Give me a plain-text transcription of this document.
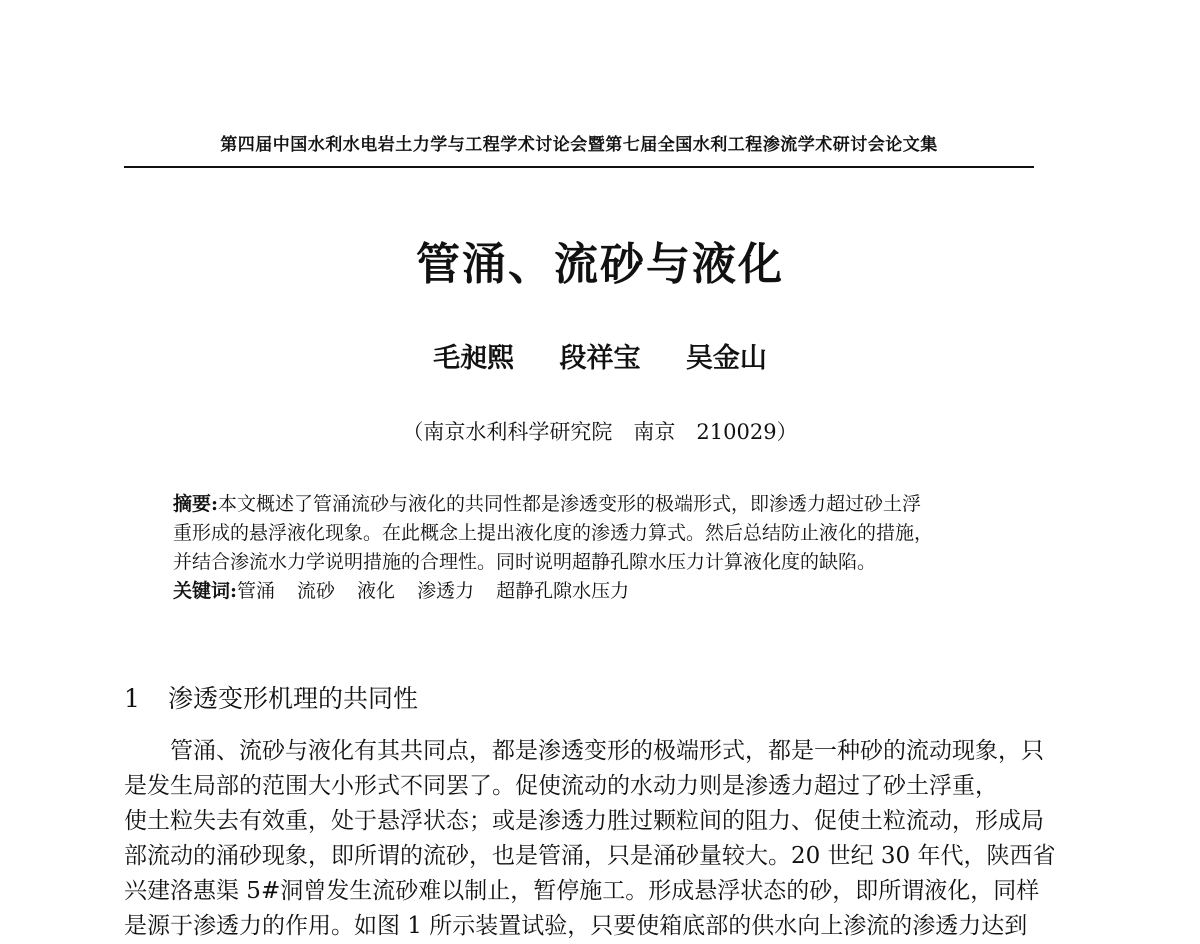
第四届中国水利水电岩土力学与工程学术讨论会暨第七届全国水利工程渗流学术研讨会论文集
管涌、流砂与液化
毛昶熙 段祥宝 吴金山
（南京水利科学研究院　南京　210029）

摘要:本文概述了管涌流砂与液化的共同性都是渗透变形的极端形式，即渗透力超过砂土浮

重形成的悬浮液化现象。在此概念上提出液化度的渗透力算式。然后总结防止液化的措施，

并结合渗流水力学说明措施的合理性。同时说明超静孔隙水压力计算液化度的缺陷。

关键词:管涌 流砂 液化 渗透力 超静孔隙水压力

1 渗透变形机理的共同性

管涌、流砂与液化有其共同点，都是渗透变形的极端形式，都是一种砂的流动现象，只

是发生局部的范围大小形式不同罢了。促使流动的水动力则是渗透力超过了砂土浮重，

使土粒失去有效重，处于悬浮状态；或是渗透力胜过颗粒间的阻力、促使土粒流动，形成局

部流动的涌砂现象，即所谓的流砂，也是管涌，只是涌砂量较大。20 世纪 30 年代，陕西省

兴建洛惠渠 5#洞曾发生流砂难以制止，暂停施工。形成悬浮状态的砂，即所谓液化，同样

是源于渗透力的作用。如图 1 所示装置试验，只要使箱底部的供水向上渗流的渗透力达到
